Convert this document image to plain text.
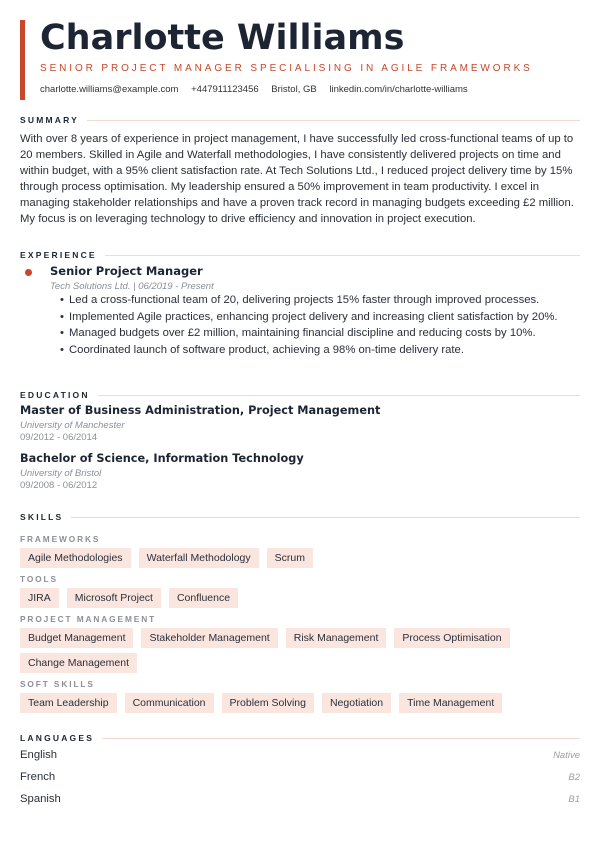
Charlotte Williams
SENIOR PROJECT MANAGER SPECIALISING IN AGILE FRAMEWORKS
charlotte.williams@example.com +447911123456 Bristol, GB linkedin.com/in/charlotte-williams
SUMMARY
With over 8 years of experience in project management, I have successfully led cross-functional teams of up to 20 members. Skilled in Agile and Waterfall methodologies, I have consistently delivered projects on time and within budget, with a 95% client satisfaction rate. At Tech Solutions Ltd., I reduced project delivery time by 15% through process optimisation. My leadership ensured a 50% improvement in team productivity. I excel in managing stakeholder relationships and have a proven track record in managing budgets exceeding £2 million. My focus is on leveraging technology to drive efficiency and innovation in project execution.
EXPERIENCE
Senior Project Manager
Tech Solutions Ltd. | 06/2019 - Present
• Led a cross-functional team of 20, delivering projects 15% faster through improved processes.
• Implemented Agile practices, enhancing project delivery and increasing client satisfaction by 20%.
• Managed budgets over £2 million, maintaining financial discipline and reducing costs by 10%.
• Coordinated launch of software product, achieving a 98% on-time delivery rate.
EDUCATION
Master of Business Administration, Project Management
University of Manchester
09/2012 - 06/2014
Bachelor of Science, Information Technology
University of Bristol
09/2008 - 06/2012
SKILLS
FRAMEWORKS
Agile Methodologies	Waterfall Methodology	Scrum
TOOLS
JIRA	Microsoft Project	Confluence
PROJECT MANAGEMENT
Budget Management	Stakeholder Management	Risk Management	Process Optimisation
Change Management
SOFT SKILLS
Team Leadership	Communication	Problem Solving	Negotiation	Time Management
LANGUAGES
English	Native
French	B2
Spanish	B1
